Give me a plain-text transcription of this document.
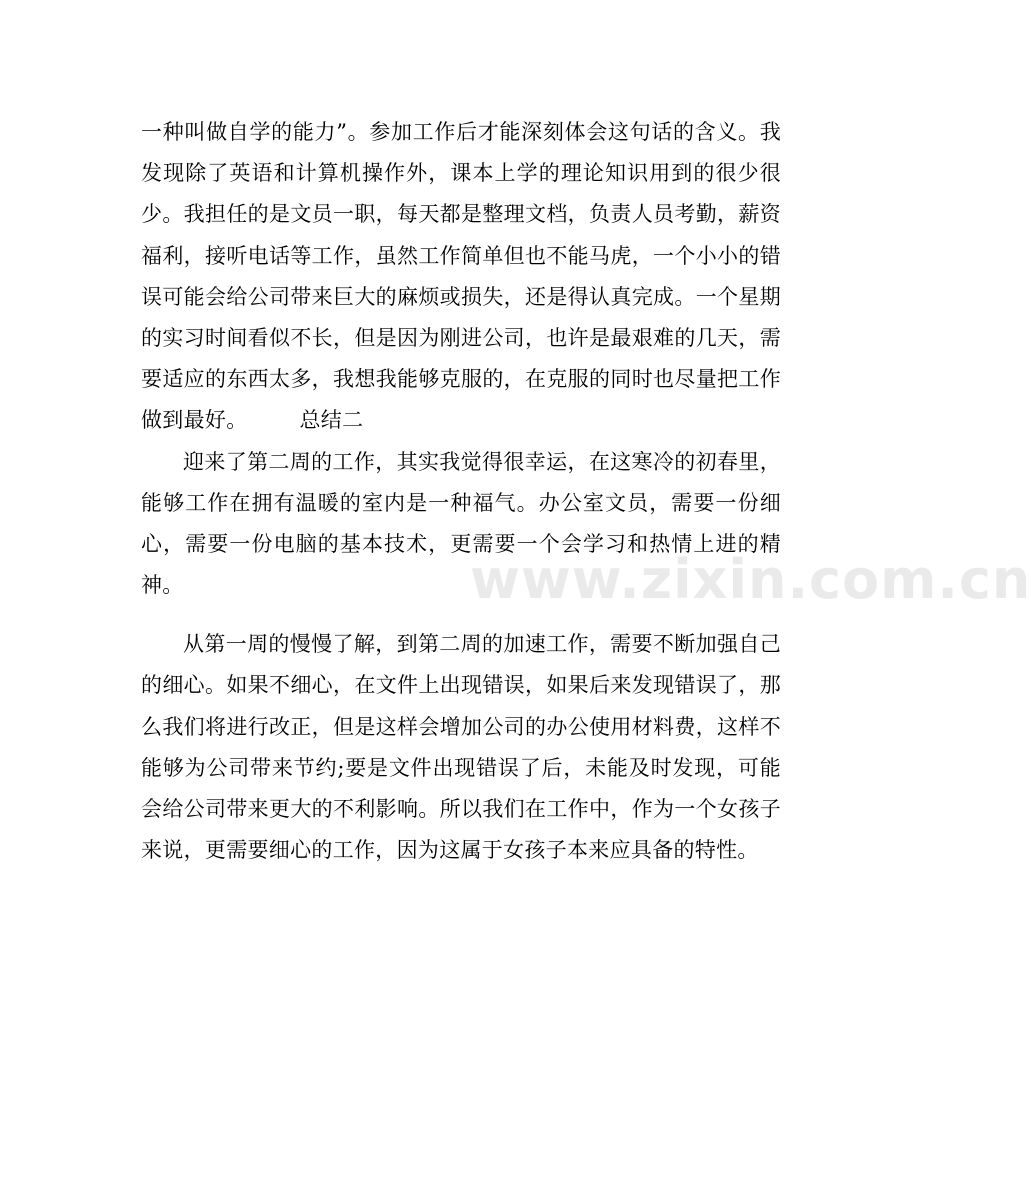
www.zixin.com.cn
一种叫做自学的能力”。参加工作后才能深刻体会这句话的含义。我
发现除了英语和计算机操作外，课本上学的理论知识用到的很少很
少。我担任的是文员一职，每天都是整理文档，负责人员考勤，薪资
福利，接听电话等工作，虽然工作简单但也不能马虎，一个小小的错
误可能会给公司带来巨大的麻烦或损失，还是得认真完成。一个星期
的实习时间看似不长，但是因为刚进公司，也许是最艰难的几天，需
要适应的东西太多，我想我能够克服的，在克服的同时也尽量把工作
做到最好。 总结二
迎来了第二周的工作，其实我觉得很幸运，在这寒冷的初春里，
能够工作在拥有温暖的室内是一种福气。办公室文员，需要一份细
心，需要一份电脑的基本技术，更需要一个会学习和热情上进的精
神。
从第一周的慢慢了解，到第二周的加速工作，需要不断加强自己
的细心。如果不细心，在文件上出现错误，如果后来发现错误了，那
么我们将进行改正，但是这样会增加公司的办公使用材料费，这样不
能够为公司带来节约;要是文件出现错误了后，未能及时发现，可能
会给公司带来更大的不利影响。所以我们在工作中，作为一个女孩子
来说，更需要细心的工作，因为这属于女孩子本来应具备的特性。
